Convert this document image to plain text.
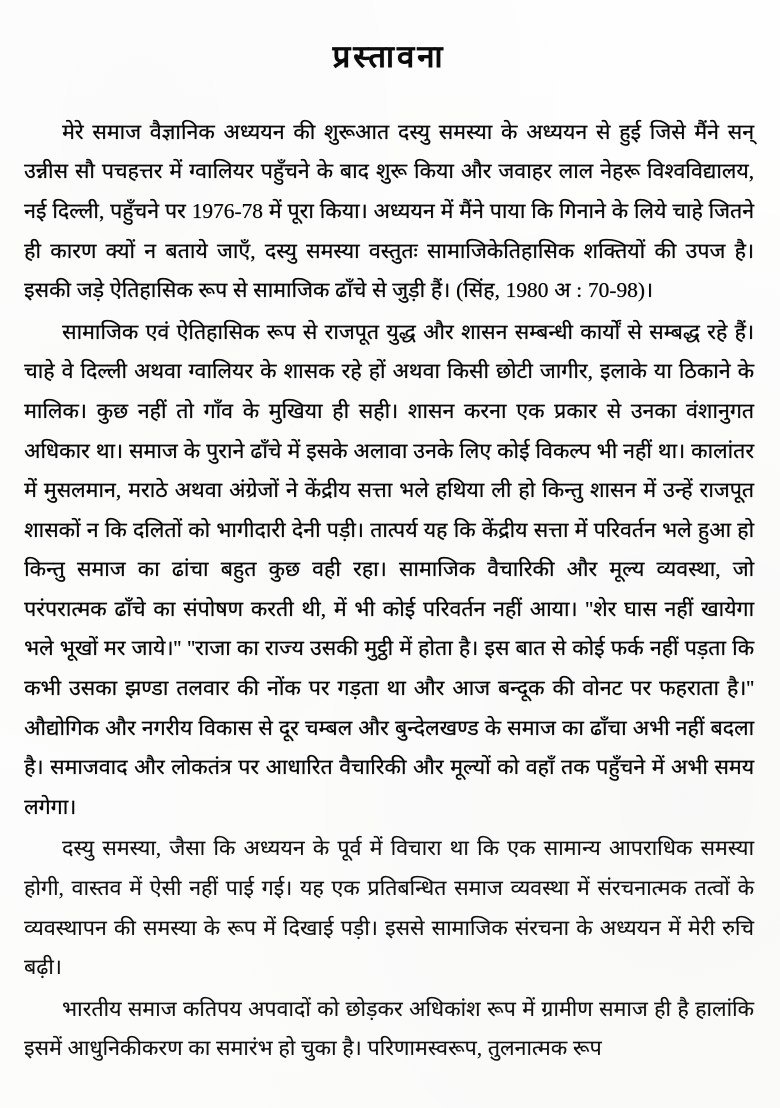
प्रस्तावना

मेरे समाज वैज्ञानिक अध्ययन की शुरूआत दस्यु समस्या के अध्ययन से हुई जिसे मैंने सन् उन्नीस सौ पचहत्तर में ग्वालियर पहुँचने के बाद शुरू किया और जवाहर लाल नेहरू विश्वविद्यालय, नई दिल्ली, पहुँचने पर 1976-78 में पूरा किया। अध्ययन में मैंने पाया कि गिनाने के लिये चाहे जितने ही कारण क्यों न बताये जाएँ, दस्यु समस्या वस्तुतः सामाजिकेतिहासिक शक्तियों की उपज है। इसकी जड़े ऐतिहासिक रूप से सामाजिक ढाँचे से जुड़ी हैं। (सिंह, 1980 अ : 70-98)।

सामाजिक एवं ऐतिहासिक रूप से राजपूत युद्ध और शासन सम्बन्धी कार्यों से सम्बद्ध रहे हैं। चाहे वे दिल्ली अथवा ग्वालियर के शासक रहे हों अथवा किसी छोटी जागीर, इलाके या ठिकाने के मालिक। कुछ नहीं तो गाँव के मुखिया ही सही। शासन करना एक प्रकार से उनका वंशानुगत अधिकार था। समाज के पुराने ढाँचे में इसके अलावा उनके लिए कोई विकल्प भी नहीं था। कालांतर में मुसलमान, मराठे अथवा अंग्रेजों ने केंद्रीय सत्ता भले हथिया ली हो किन्तु शासन में उन्हें राजपूत शासकों न कि दलितों को भागीदारी देनी पड़ी। तात्पर्य यह कि केंद्रीय सत्ता में परिवर्तन भले हुआ हो किन्तु समाज का ढांचा बहुत कुछ वही रहा। सामाजिक वैचारिकी और मूल्य व्यवस्था, जो परंपरात्मक ढाँचे का संपोषण करती थी, में भी कोई परिवर्तन नहीं आया। ''शेर घास नहीं खायेगा भले भूखों मर जाये।'' ''राजा का राज्य उसकी मुट्ठी में होता है। इस बात से कोई फर्क नहीं पड़ता कि कभी उसका झण्डा तलवार की नोंक पर गड़ता था और आज बन्दूक की वोनट पर फहराता है।'' औद्योगिक और नगरीय विकास से दूर चम्बल और बुन्देलखण्ड के समाज का ढाँचा अभी नहीं बदला है। समाजवाद और लोकतंत्र पर आधारित वैचारिकी और मूल्यों को वहाँ तक पहुँचने में अभी समय लगेगा।

दस्यु समस्या, जैसा कि अध्ययन के पूर्व में विचारा था कि एक सामान्य आपराधिक समस्या होगी, वास्तव में ऐसी नहीं पाई गई। यह एक प्रतिबन्धित समाज व्यवस्था में संरचनात्मक तत्वों के व्यवस्थापन की समस्या के रूप में दिखाई पड़ी। इससे सामाजिक संरचना के अध्ययन में मेरी रुचि बढ़ी।

भारतीय समाज कतिपय अपवादों को छोड़कर अधिकांश रूप में ग्रामीण समाज ही है हालांकि इसमें आधुनिकीकरण का समारंभ हो चुका है। परिणामस्वरूप, तुलनात्मक रूप
